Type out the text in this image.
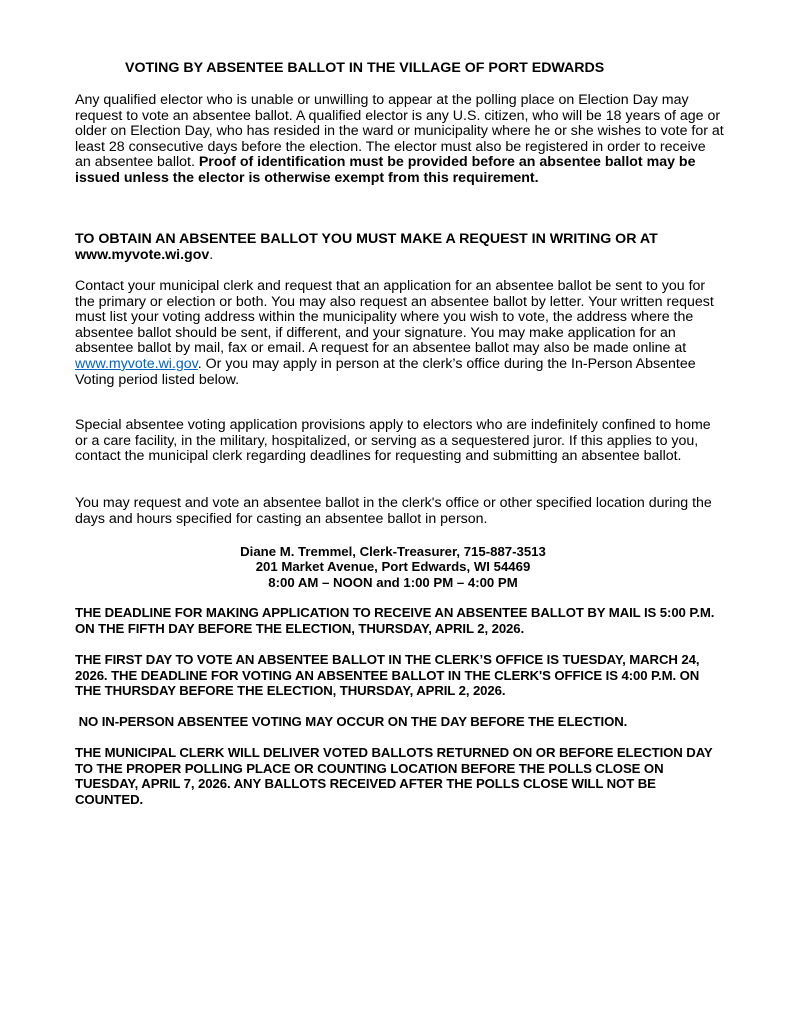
VOTING BY ABSENTEE BALLOT IN THE VILLAGE OF PORT EDWARDS

Any qualified elector who is unable or unwilling to appear at the polling place on Election Day may request to vote an absentee ballot. A qualified elector is any U.S. citizen, who will be 18 years of age or older on Election Day, who has resided in the ward or municipality where he or she wishes to vote for at least 28 consecutive days before the election. The elector must also be registered in order to receive an absentee ballot. Proof of identification must be provided before an absentee ballot may be issued unless the elector is otherwise exempt from this requirement.

TO OBTAIN AN ABSENTEE BALLOT YOU MUST MAKE A REQUEST IN WRITING OR AT www.myvote.wi.gov.

Contact your municipal clerk and request that an application for an absentee ballot be sent to you for the primary or election or both. You may also request an absentee ballot by letter. Your written request must list your voting address within the municipality where you wish to vote, the address where the absentee ballot should be sent, if different, and your signature. You may make application for an absentee ballot by mail, fax or email. A request for an absentee ballot may also be made online at www.myvote.wi.gov. Or you may apply in person at the clerk’s office during the In-Person Absentee Voting period listed below.

Special absentee voting application provisions apply to electors who are indefinitely confined to home or a care facility, in the military, hospitalized, or serving as a sequestered juror. If this applies to you, contact the municipal clerk regarding deadlines for requesting and submitting an absentee ballot.

You may request and vote an absentee ballot in the clerk's office or other specified location during the days and hours specified for casting an absentee ballot in person.

Diane M. Tremmel, Clerk-Treasurer, 715-887-3513
201 Market Avenue, Port Edwards, WI 54469
8:00 AM – NOON and 1:00 PM – 4:00 PM

THE DEADLINE FOR MAKING APPLICATION TO RECEIVE AN ABSENTEE BALLOT BY MAIL IS 5:00 P.M. ON THE FIFTH DAY BEFORE THE ELECTION, THURSDAY, APRIL 2, 2026.

THE FIRST DAY TO VOTE AN ABSENTEE BALLOT IN THE CLERK’S OFFICE IS TUESDAY, MARCH 24, 2026. THE DEADLINE FOR VOTING AN ABSENTEE BALLOT IN THE CLERK'S OFFICE IS 4:00 P.M. ON THE THURSDAY BEFORE THE ELECTION, THURSDAY, APRIL 2, 2026.

NO IN-PERSON ABSENTEE VOTING MAY OCCUR ON THE DAY BEFORE THE ELECTION.

THE MUNICIPAL CLERK WILL DELIVER VOTED BALLOTS RETURNED ON OR BEFORE ELECTION DAY TO THE PROPER POLLING PLACE OR COUNTING LOCATION BEFORE THE POLLS CLOSE ON TUESDAY, APRIL 7, 2026. ANY BALLOTS RECEIVED AFTER THE POLLS CLOSE WILL NOT BE COUNTED.
